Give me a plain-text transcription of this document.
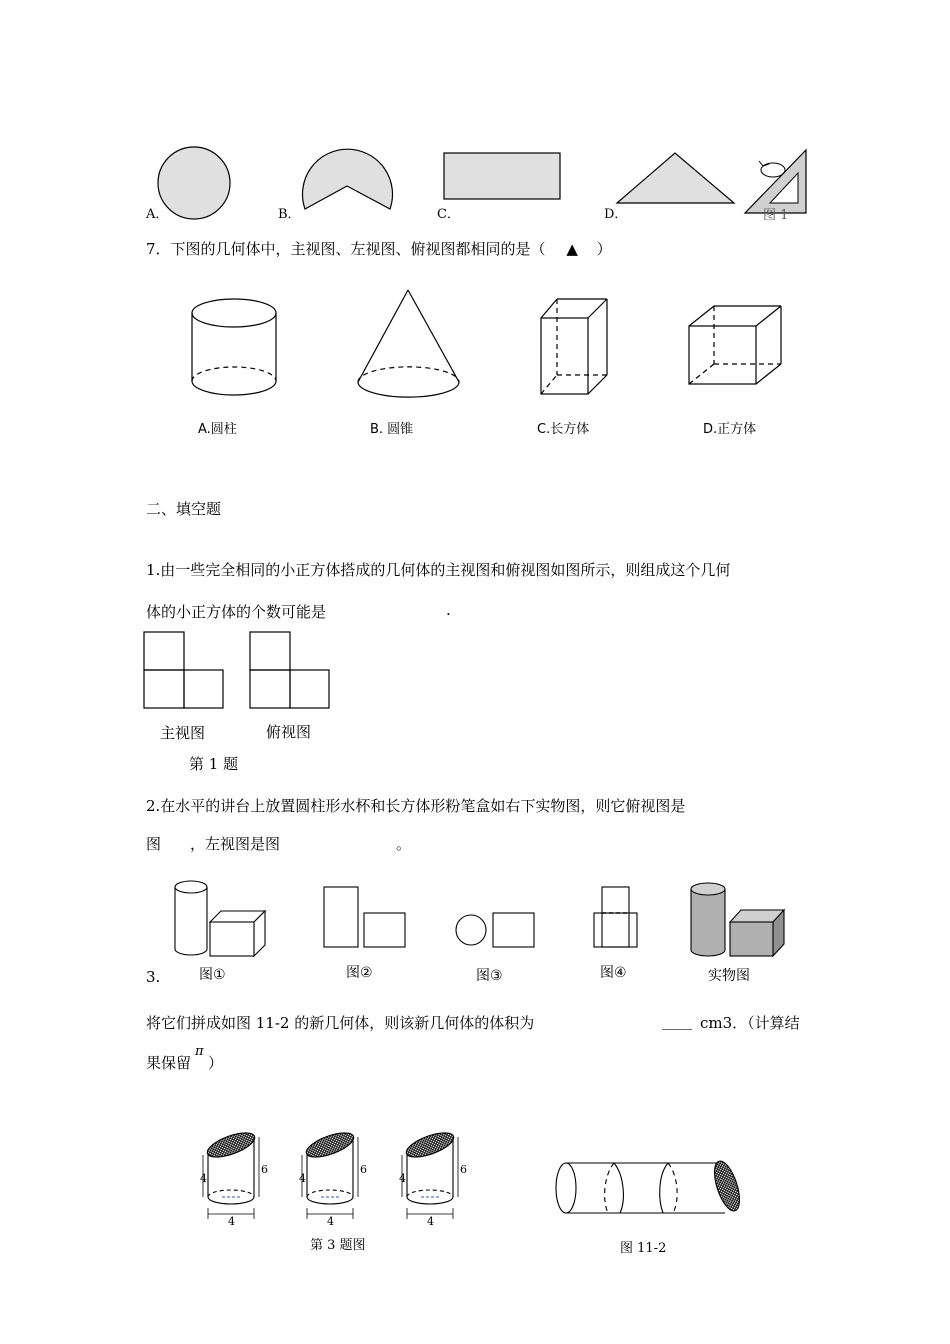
A．	B．	C．	D．	图 1
7．下图的几何体中，主视图、左视图、俯视图都相同的是（ ▲ ）
A.圆柱	B. 圆锥	C.长方体	D.正方体
二、填空题
1.由一些完全相同的小正方体搭成的几何体的主视图和俯视图如图所示，则组成这个几何
体的小正方体的个数可能是	.
主视图	俯视图
第 1 题
2.在水平的讲台上放置圆柱形水杯和长方体形粉笔盒如右下实物图，则它俯视图是
图 ，左视图是图	。
图①	图②	图③	图④	实物图
3.
将它们拼成如图 11-2 的新几何体，则该新几何体的体积为	____ cm3．（计算结
果保留
π
）
4
6
4
4
6
4
4
6
4
第 3 题图	图 11-2
